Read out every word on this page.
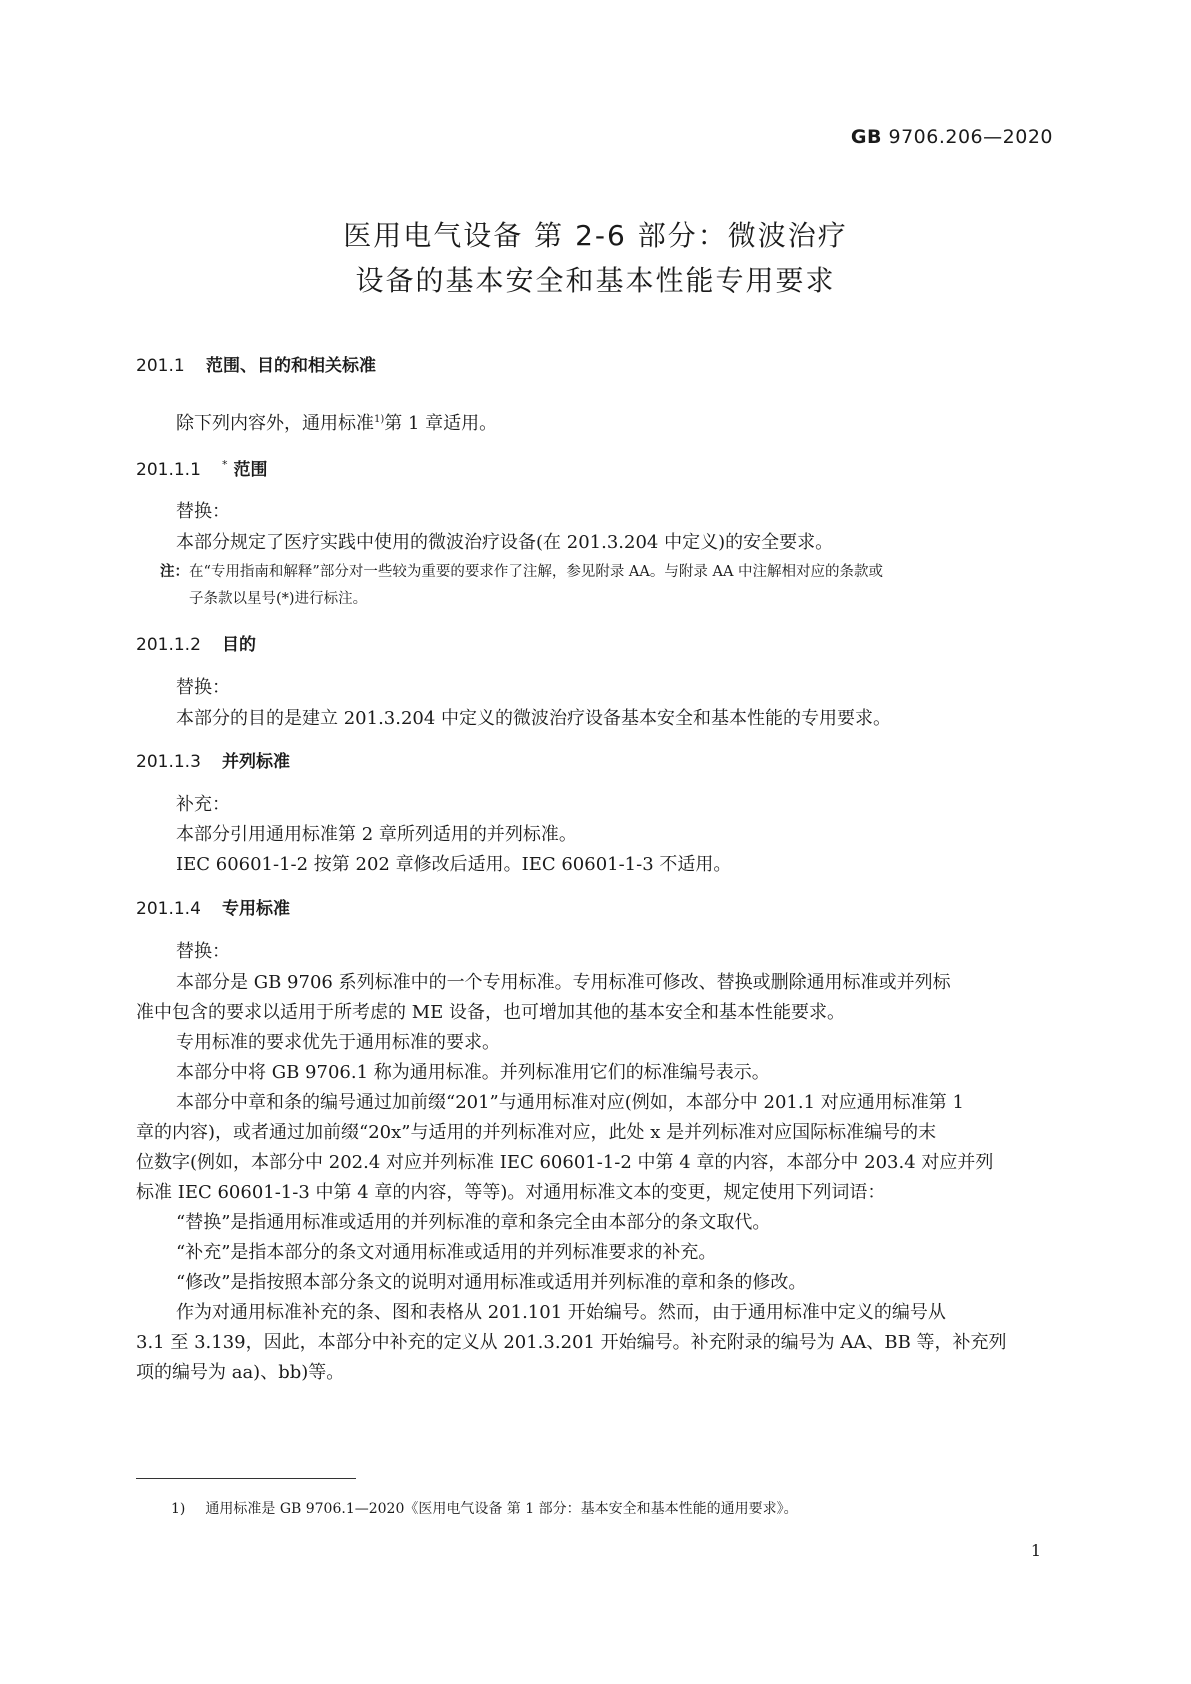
GB 9706.206—2020
医用电气设备 第 2-6 部分：微波治疗
设备的基本安全和基本性能专用要求
201.1 范围、目的和相关标准
除下列内容外，通用标准$^{1)}$第 1 章适用。
201.1.1 * 范围
替换：
本部分规定了医疗实践中使用的微波治疗设备(在 201.3.204 中定义)的安全要求。
注：在“专用指南和解释”部分对一些较为重要的要求作了注解，参见附录 AA。与附录 AA 中注解相对应的条款或
子条款以星号(*)进行标注。
201.1.2 目的
替换：
本部分的目的是建立 201.3.204 中定义的微波治疗设备基本安全和基本性能的专用要求。
201.1.3 并列标准
补充：
本部分引用通用标准第 2 章所列适用的并列标准。
IEC 60601-1-2 按第 202 章修改后适用。IEC 60601-1-3 不适用。
201.1.4 专用标准
替换：
本部分是 GB 9706 系列标准中的一个专用标准。专用标准可修改、替换或删除通用标准或并列标
准中包含的要求以适用于所考虑的 ME 设备，也可增加其他的基本安全和基本性能要求。
专用标准的要求优先于通用标准的要求。
本部分中将 GB 9706.1 称为通用标准。并列标准用它们的标准编号表示。
本部分中章和条的编号通过加前缀“201”与通用标准对应(例如，本部分中 201.1 对应通用标准第 1
章的内容)，或者通过加前缀“20x”与适用的并列标准对应，此处 x 是并列标准对应国际标准编号的末
位数字(例如，本部分中 202.4 对应并列标准 IEC 60601-1-2 中第 4 章的内容，本部分中 203.4 对应并列
标准 IEC 60601-1-3 中第 4 章的内容，等等)。对通用标准文本的变更，规定使用下列词语：
“替换”是指通用标准或适用的并列标准的章和条完全由本部分的条文取代。
“补充”是指本部分的条文对通用标准或适用的并列标准要求的补充。
“修改”是指按照本部分条文的说明对通用标准或适用并列标准的章和条的修改。
作为对通用标准补充的条、图和表格从 201.101 开始编号。然而，由于通用标准中定义的编号从
3.1 至 3.139，因此，本部分中补充的定义从 201.3.201 开始编号。补充附录的编号为 AA、BB 等，补充列
项的编号为 aa)、bb)等。
1) 通用标准是 GB 9706.1—2020《医用电气设备 第 1 部分：基本安全和基本性能的通用要求》。
1
